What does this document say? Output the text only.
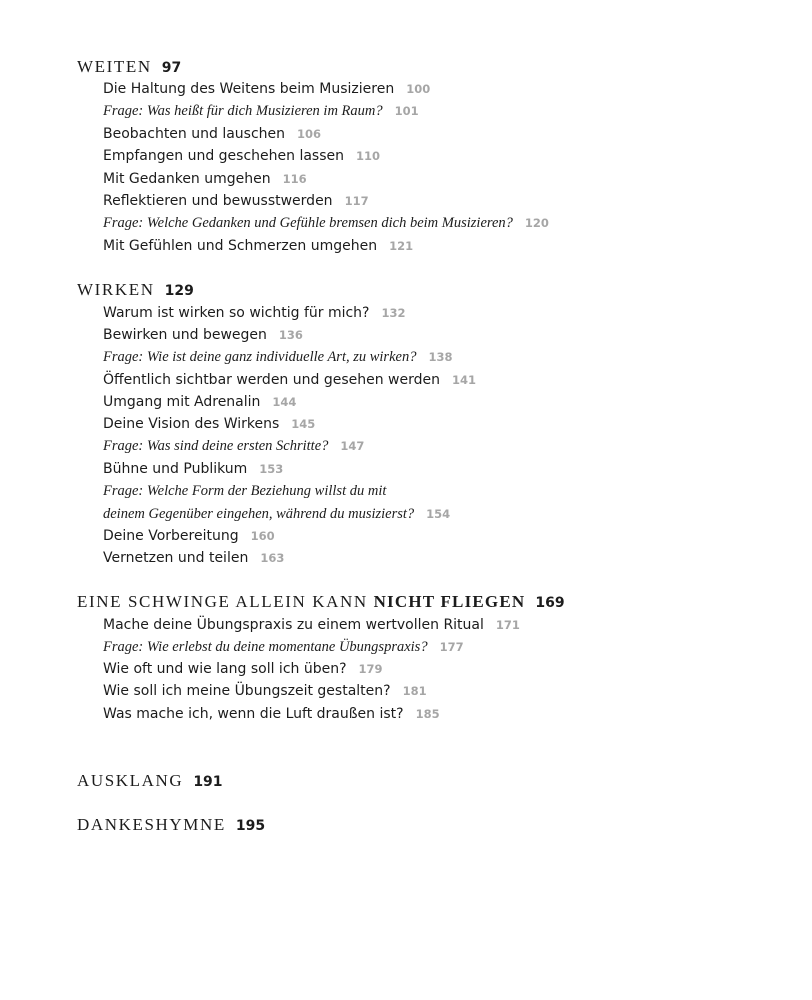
WEITEN 97
Die Haltung des Weitens beim Musizieren 100
Frage: Was heißt für dich Musizieren im Raum? 101
Beobachten und lauschen 106
Empfangen und geschehen lassen 110
Mit Gedanken umgehen 116
Reflektieren und bewusstwerden 117
Frage: Welche Gedanken und Gefühle bremsen dich beim Musizieren? 120
Mit Gefühlen und Schmerzen umgehen 121
WIRKEN 129
Warum ist wirken so wichtig für mich? 132
Bewirken und bewegen 136
Frage: Wie ist deine ganz individuelle Art, zu wirken? 138
Öffentlich sichtbar werden und gesehen werden 141
Umgang mit Adrenalin 144
Deine Vision des Wirkens 145
Frage: Was sind deine ersten Schritte? 147
Bühne und Publikum 153
Frage: Welche Form der Beziehung willst du mit
deinem Gegenüber eingehen, während du musizierst? 154
Deine Vorbereitung 160
Vernetzen und teilen 163
EINE SCHWINGE ALLEIN KANN NICHT FLIEGEN 169
Mache deine Übungspraxis zu einem wertvollen Ritual 171
Frage: Wie erlebst du deine momentane Übungspraxis? 177
Wie oft und wie lang soll ich üben? 179
Wie soll ich meine Übungszeit gestalten? 181
Was mache ich, wenn die Luft draußen ist? 185
AUSKLANG 191
DANKESHYMNE 195
